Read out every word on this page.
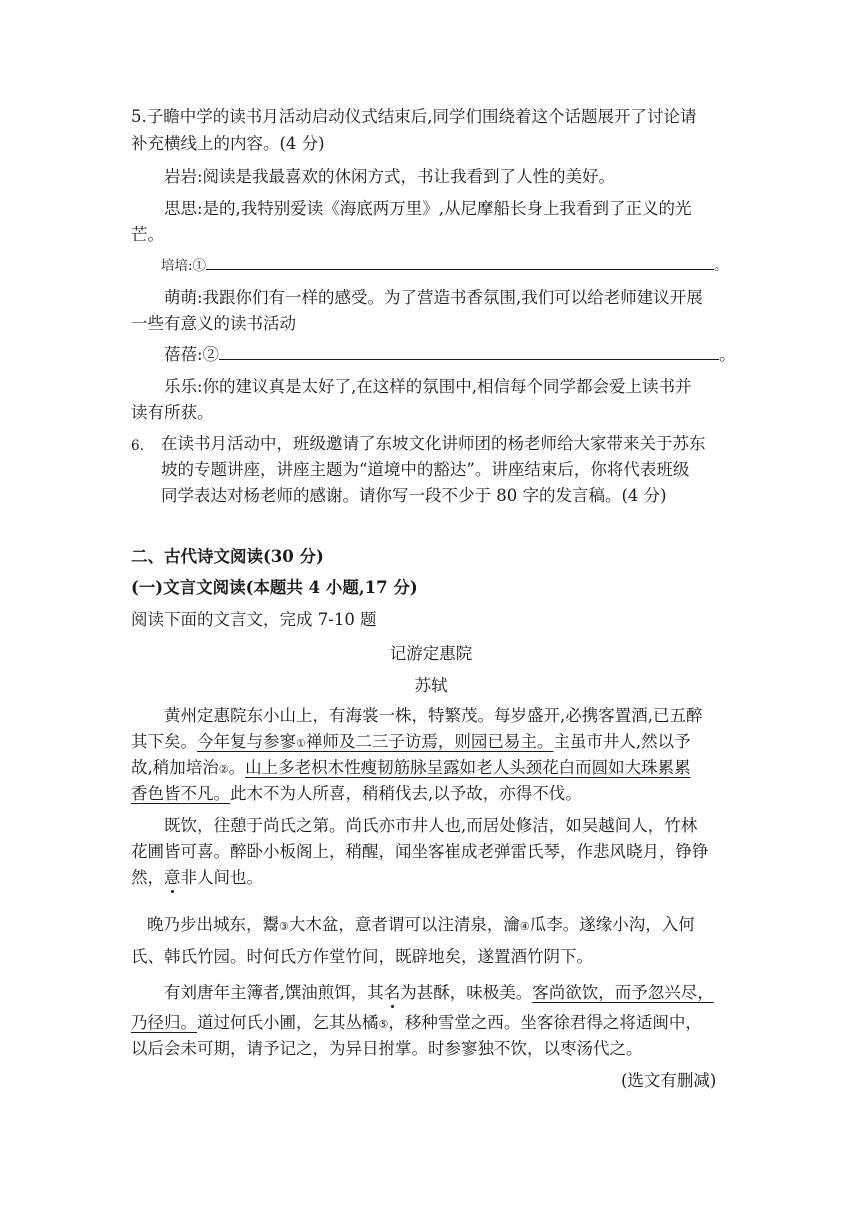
5.子瞻中学的读书月活动启动仪式结束后,同学们围绕着这个话题展开了讨论请
补充横线上的内容。(4 分)
岩岩:阅读是我最喜欢的休闲方式，书让我看到了人性的美好。
思思:是的,我特别爱读《海底两万里》,从尼摩船长身上我看到了正义的光
芒。
培培:①	。
萌萌:我跟你们有一样的感受。为了营造书香氛围,我们可以给老师建议开展
一些有意义的读书活动
蓓蓓:②	。
乐乐:你的建议真是太好了,在这样的氛围中,相信每个同学都会爱上读书并
读有所获。
6. 在读书月活动中，班级邀请了东坡文化讲师团的杨老师给大家带来关于苏东
坡的专题讲座，讲座主题为“道境中的豁达”。讲座结束后，你将代表班级
同学表达对杨老师的感谢。请你写一段不少于 80 字的发言稿。(4 分)
二、古代诗文阅读(30 分)
(一)文言文阅读(本题共 4 小题,17 分)
阅读下面的文言文，完成 7-10 题
记游定惠院
苏轼
黄州定惠院东小山上，有海裳一株，特繁茂。每岁盛开,必携客置酒,已五醉
其下矣。今年复与参寥①禅师及二三子访焉，则园已易主。主虽市井人,然以予
故,稍加培治②。山上多老枳木性瘦韧筋脉呈露如老人头颈花白而圆如大珠累累
香色皆不凡。此木不为人所喜，稍稍伐去,以予故，亦得不伐。
既饮，往憩于尚氏之第。尚氏亦市井人也,而居处修洁，如吴越间人，竹林
花圃皆可喜。醉卧小板阁上，稍醒，闻坐客崔成老弹雷氏琴，作悲风晓月，铮铮
然，意非人间也。
晚乃步出城东，鬻③大木盆，意者谓可以注清泉，瀹④瓜李。遂缘小沟，入何
氏、韩氏竹园。时何氏方作堂竹间，既辟地矣，遂置酒竹阴下。
有刘唐年主簿者,馔油煎饵，其名为甚酥，味极美。客尚欲饮，而予忽兴尽，
乃径归。道过何氏小圃，乞其丛橘⑤，移种雪堂之西。坐客徐君得之将适闽中，
以后会未可期，请予记之，为异日拊掌。时参寥独不饮，以枣汤代之。
(选文有删减)
